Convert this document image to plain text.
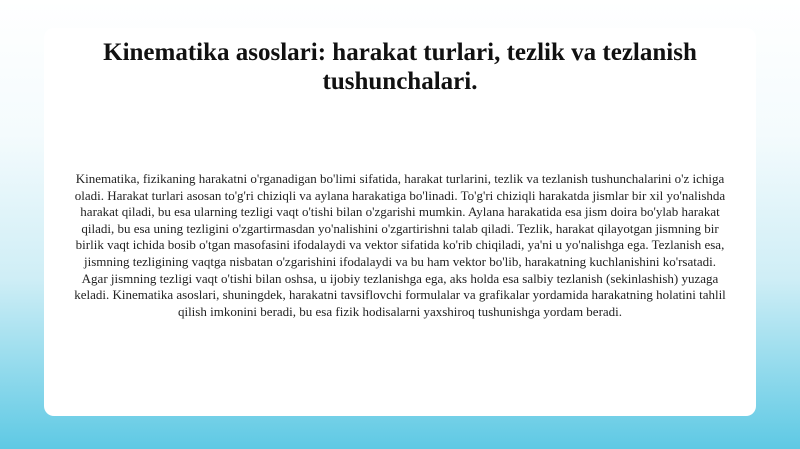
Kinematika asoslari: harakat turlari, tezlik va tezlanish tushunchalari.

Kinematika, fizikaning harakatni o'rganadigan bo'limi sifatida, harakat turlarini, tezlik va tezlanish tushunchalarini o'z ichiga oladi. Harakat turlari asosan to'g'ri chiziqli va aylana harakatiga bo'linadi. To'g'ri chiziqli harakatda jismlar bir xil yo'nalishda harakat qiladi, bu esa ularning tezligi vaqt o'tishi bilan o'zgarishi mumkin. Aylana harakatida esa jism doira bo'ylab harakat qiladi, bu esa uning tezligini o'zgartirmasdan yo'nalishini o'zgartirishni talab qiladi. Tezlik, harakat qilayotgan jismning bir birlik vaqt ichida bosib o'tgan masofasini ifodalaydi va vektor sifatida ko'rib chiqiladi, ya'ni u yo'nalishga ega. Tezlanish esa, jismning tezligining vaqtga nisbatan o'zgarishini ifodalaydi va bu ham vektor bo'lib, harakatning kuchlanishini ko'rsatadi. Agar jismning tezligi vaqt o'tishi bilan oshsa, u ijobiy tezlanishga ega, aks holda esa salbiy tezlanish (sekinlashish) yuzaga keladi. Kinematika asoslari, shuningdek, harakatni tavsiflovchi formulalar va grafikalar yordamida harakatning holatini tahlil qilish imkonini beradi, bu esa fizik hodisalarni yaxshiroq tushunishga yordam beradi.
